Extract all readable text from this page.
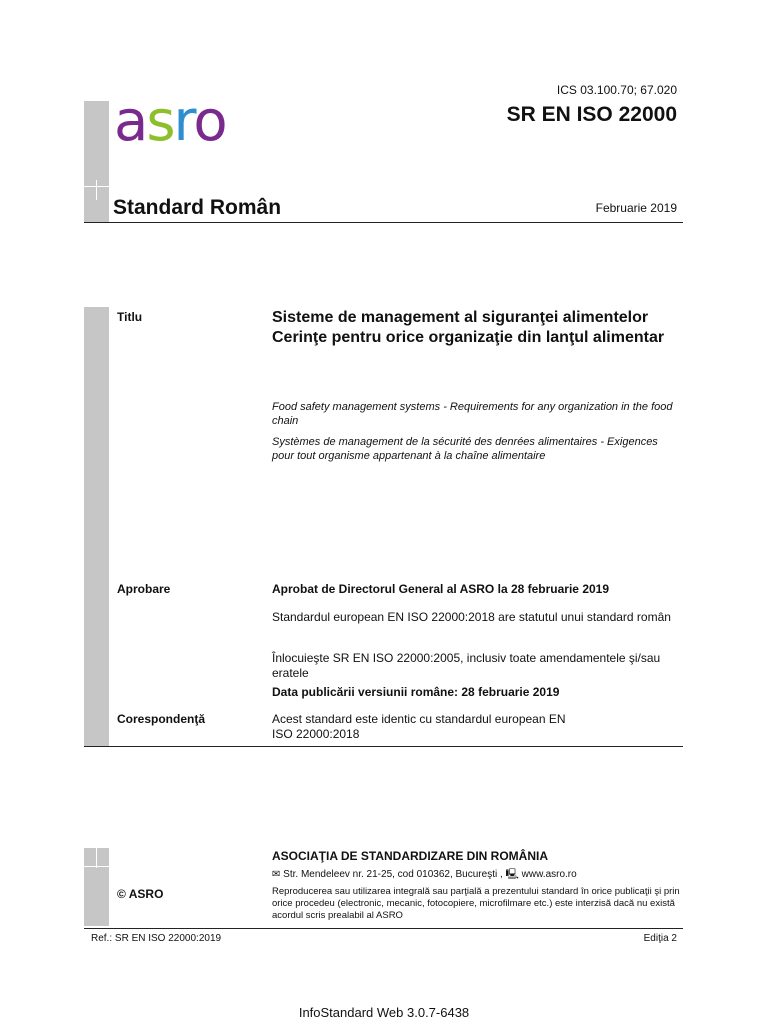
asro	ICS 03.100.70; 67.020
SR EN ISO 22000
Standard Român	Februarie 2019
Titlu	Sisteme de management al siguranţei alimentelor
Cerinţe pentru orice organizaţie din lanţul alimentar
Food safety management systems - Requirements for any organization in the food chain
Systèmes de management de la sécurité des denrées alimentaires - Exigences pour tout organisme appartenant à la chaîne alimentaire
Aprobare	Aprobat de Directorul General al ASRO la 28 februarie 2019
Standardul european EN ISO 22000:2018 are statutul unui standard român
Înlocuieşte SR EN ISO 22000:2005, inclusiv toate amendamentele şi/sau eratele
Data publicării versiunii române: 28 februarie 2019
Corespondenţă	Acest standard este identic cu standardul european EN ISO 22000:2018
© ASRO
ASOCIAŢIA DE STANDARDIZARE DIN ROMÂNIA
✉ Str. Mendeleev nr. 21-25, cod 010362, Bucureşti , 🖳 www.asro.ro
Reproducerea sau utilizarea integrală sau parţială a prezentului standard în orice publicaţii şi prin orice procedeu (electronic, mecanic, fotocopiere, microfilmare etc.) este interzisă dacă nu există acordul scris prealabil al ASRO
Ref.: SR EN ISO 22000:2019	Ediţia 2
InfoStandard Web 3.0.7-6438
